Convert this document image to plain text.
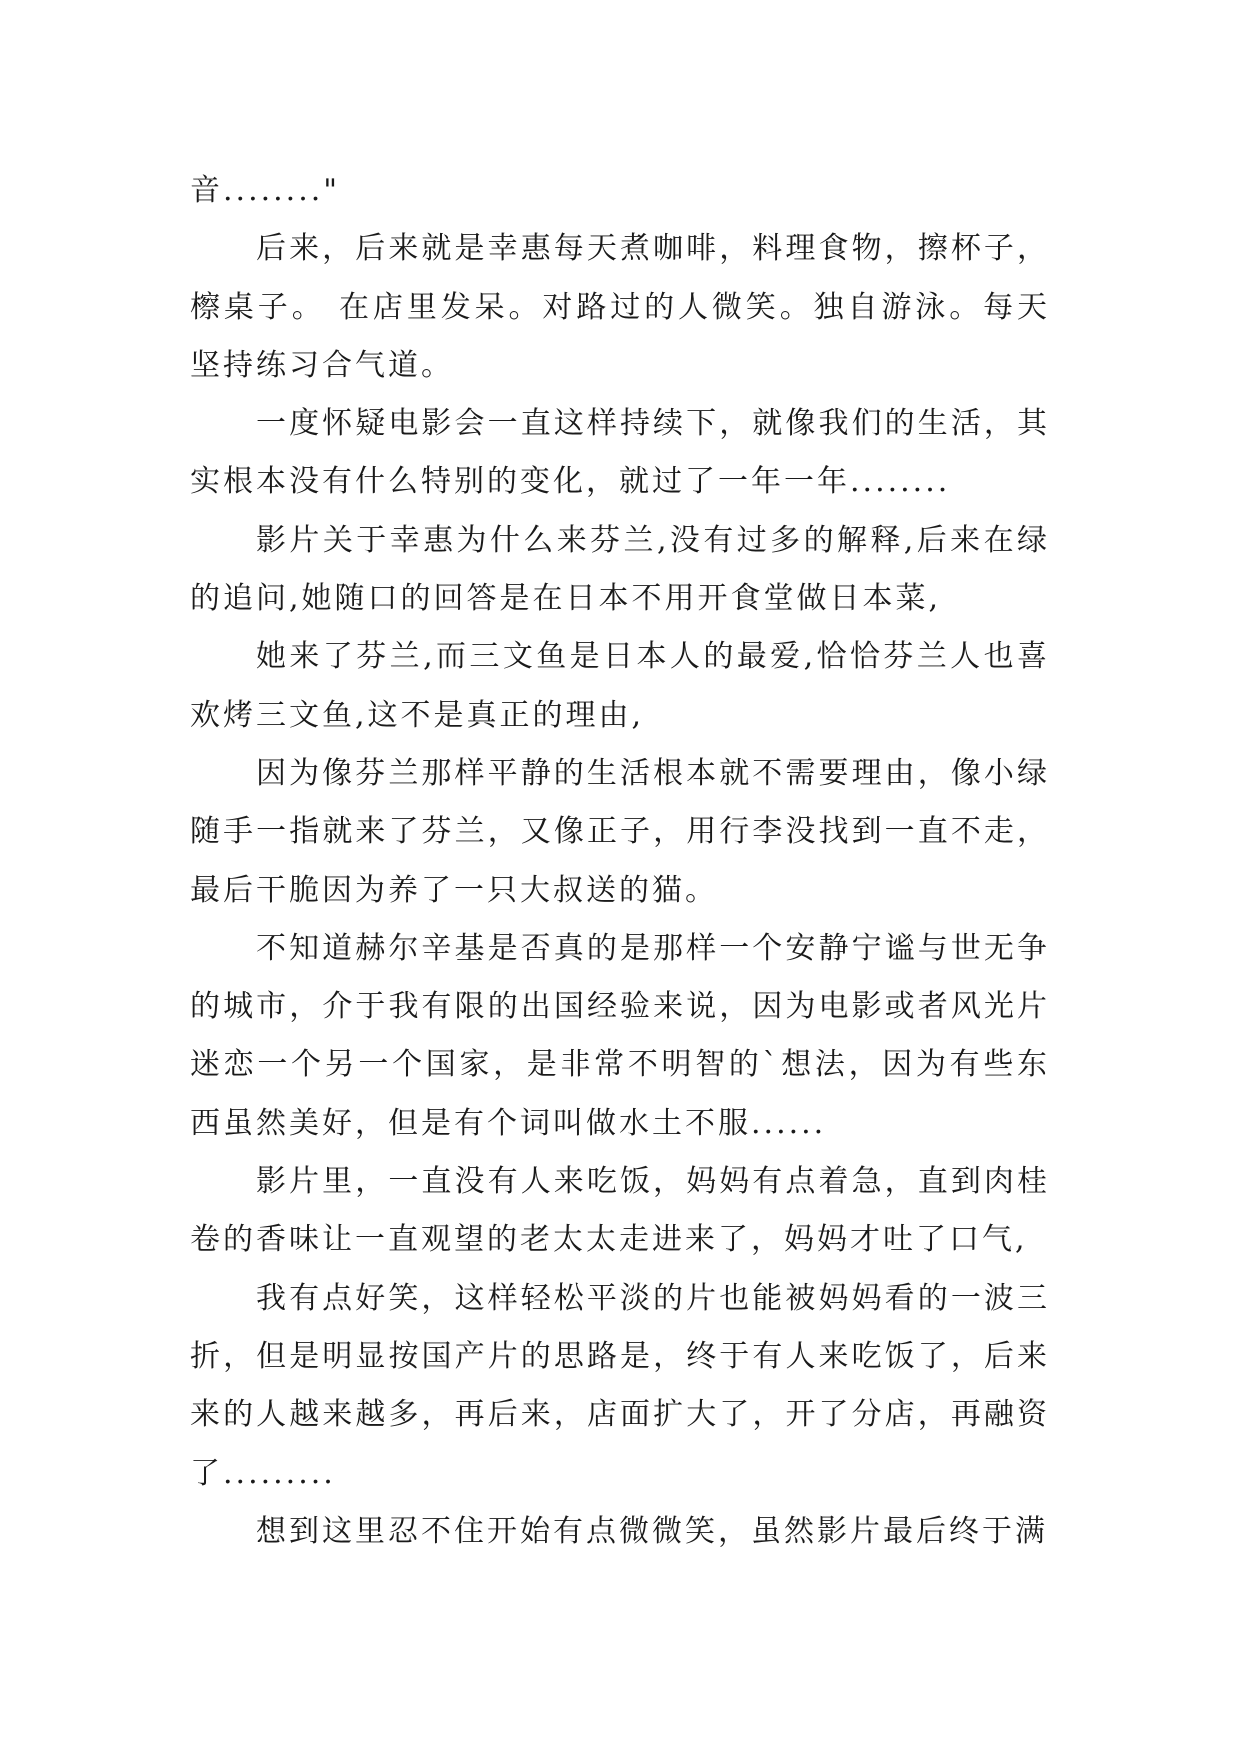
音........"

后来，后来就是幸惠每天煮咖啡，料理食物，擦杯子，檫桌子。 在店里发呆。对路过的人微笑。独自游泳。每天坚持练习合气道。

一度怀疑电影会一直这样持续下，就像我们的生活，其实根本没有什么特别的变化，就过了一年一年........

影片关于幸惠为什么来芬兰,没有过多的解释,后来在绿的追问,她随口的回答是在日本不用开食堂做日本菜,

她来了芬兰,而三文鱼是日本人的最爱,恰恰芬兰人也喜欢烤三文鱼,这不是真正的理由,

因为像芬兰那样平静的生活根本就不需要理由，像小绿随手一指就来了芬兰，又像正子，用行李没找到一直不走，最后干脆因为养了一只大叔送的猫。

不知道赫尔辛基是否真的是那样一个安静宁谧与世无争的城市，介于我有限的出国经验来说，因为电影或者风光片迷恋一个另一个国家，是非常不明智的`想法，因为有些东西虽然美好，但是有个词叫做水土不服......

影片里，一直没有人来吃饭，妈妈有点着急，直到肉桂卷的香味让一直观望的老太太走进来了，妈妈才吐了口气,

我有点好笑，这样轻松平淡的片也能被妈妈看的一波三折，但是明显按国产片的思路是，终于有人来吃饭了，后来来的人越来越多，再后来，店面扩大了，开了分店，再融资了.........

想到这里忍不住开始有点微微笑，虽然影片最后终于满
